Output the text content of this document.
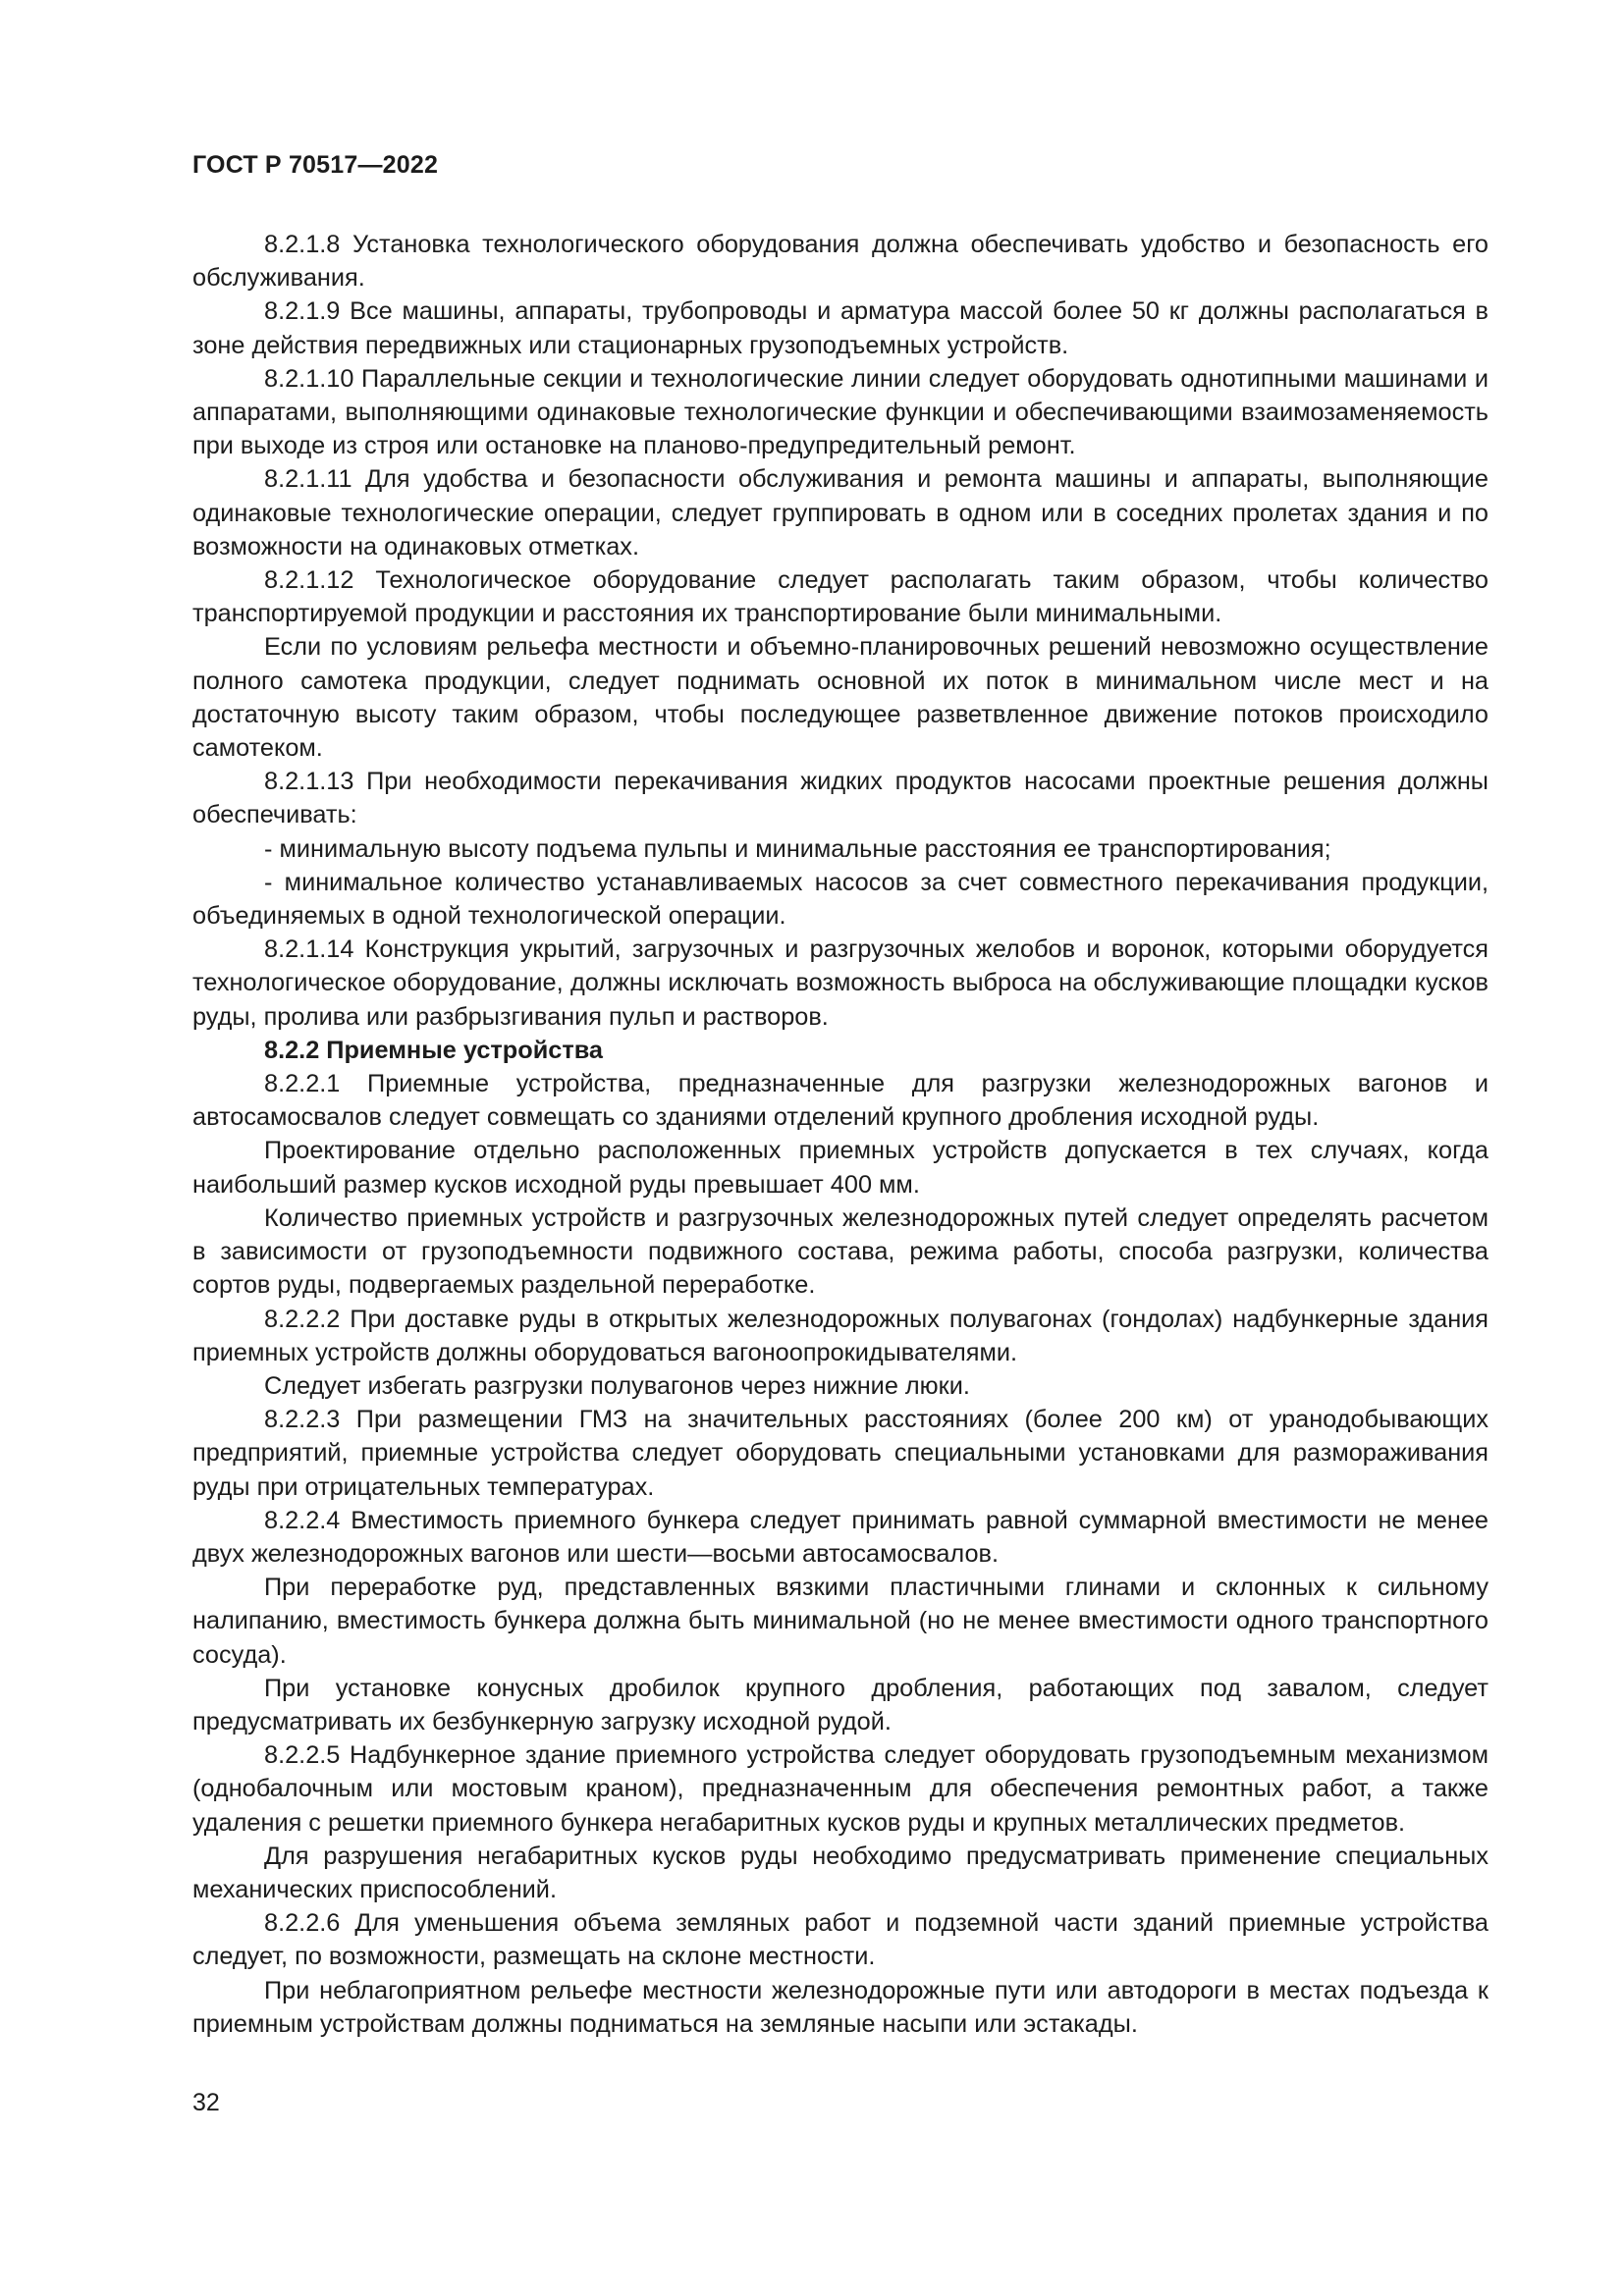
ГОСТ Р 70517—2022

8.2.1.8 Установка технологического оборудования должна обеспечивать удобство и безопасность его обслуживания.

8.2.1.9 Все машины, аппараты, трубопроводы и арматура массой более 50 кг должны располагаться в зоне действия передвижных или стационарных грузоподъемных устройств.

8.2.1.10 Параллельные секции и технологические линии следует оборудовать однотипными машинами и аппаратами, выполняющими одинаковые технологические функции и обеспечивающими взаимозаменяемость при выходе из строя или остановке на планово-предупредительный ремонт.

8.2.1.11 Для удобства и безопасности обслуживания и ремонта машины и аппараты, выполняющие одинаковые технологические операции, следует группировать в одном или в соседних пролетах здания и по возможности на одинаковых отметках.

8.2.1.12 Технологическое оборудование следует располагать таким образом, чтобы количество транспортируемой продукции и расстояния их транспортирование были минимальными.

Если по условиям рельефа местности и объемно-планировочных решений невозможно осуществление полного самотека продукции, следует поднимать основной их поток в минимальном числе мест и на достаточную высоту таким образом, чтобы последующее разветвленное движение потоков происходило самотеком.

8.2.1.13 При необходимости перекачивания жидких продуктов насосами проектные решения должны обеспечивать:

- минимальную высоту подъема пульпы и минимальные расстояния ее транспортирования;

- минимальное количество устанавливаемых насосов за счет совместного перекачивания продукции, объединяемых в одной технологической операции.

8.2.1.14 Конструкция укрытий, загрузочных и разгрузочных желобов и воронок, которыми оборудуется технологическое оборудование, должны исключать возможность выброса на обслуживающие площадки кусков руды, пролива или разбрызгивания пульп и растворов.

8.2.2 Приемные устройства

8.2.2.1 Приемные устройства, предназначенные для разгрузки железнодорожных вагонов и автосамосвалов следует совмещать со зданиями отделений крупного дробления исходной руды.

Проектирование отдельно расположенных приемных устройств допускается в тех случаях, когда наибольший размер кусков исходной руды превышает 400 мм.

Количество приемных устройств и разгрузочных железнодорожных путей следует определять расчетом в зависимости от грузоподъемности подвижного состава, режима работы, способа разгрузки, количества сортов руды, подвергаемых раздельной переработке.

8.2.2.2 При доставке руды в открытых железнодорожных полувагонах (гондолах) надбункерные здания приемных устройств должны оборудоваться вагоноопрокидывателями.

Следует избегать разгрузки полувагонов через нижние люки.

8.2.2.3 При размещении ГМЗ на значительных расстояниях (более 200 км) от уранодобывающих предприятий, приемные устройства следует оборудовать специальными установками для размораживания руды при отрицательных температурах.

8.2.2.4 Вместимость приемного бункера следует принимать равной суммарной вместимости не менее двух железнодорожных вагонов или шести—восьми автосамосвалов.

При переработке руд, представленных вязкими пластичными глинами и склонных к сильному налипанию, вместимость бункера должна быть минимальной (но не менее вместимости одного транспортного сосуда).

При установке конусных дробилок крупного дробления, работающих под завалом, следует предусматривать их безбункерную загрузку исходной рудой.

8.2.2.5 Надбункерное здание приемного устройства следует оборудовать грузоподъемным механизмом (однобалочным или мостовым краном), предназначенным для обеспечения ремонтных работ, а также удаления с решетки приемного бункера негабаритных кусков руды и крупных металлических предметов.

Для разрушения негабаритных кусков руды необходимо предусматривать применение специальных механических приспособлений.

8.2.2.6 Для уменьшения объема земляных работ и подземной части зданий приемные устройства следует, по возможности, размещать на склоне местности.

При неблагоприятном рельефе местности железнодорожные пути или автодороги в местах подъезда к приемным устройствам должны подниматься на земляные насыпи или эстакады.

32
